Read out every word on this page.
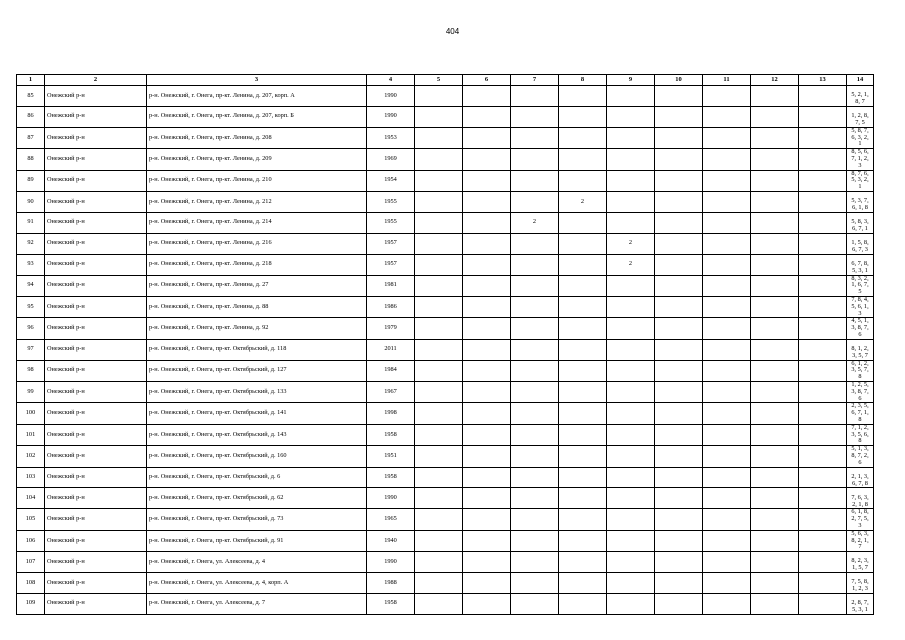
404
1	2	3	4	5	6	7	8	9	10	11	12	13	14
85	Онежский р-н	р-н. Онежский, г. Онега, пр-кт. Ленина, д. 207, корп. А	1990										5, 2, 1, 8, 7
86	Онежский р-н	р-н. Онежский, г. Онега, пр-кт. Ленина, д. 207, корп. Б	1990										1, 2, 8, 7, 5
87	Онежский р-н	р-н. Онежский, г. Онега, пр-кт. Ленина, д. 208	1953										5, 8, 7, 6, 3, 2, 1
88	Онежский р-н	р-н. Онежский, г. Онега, пр-кт. Ленина, д. 209	1969										8, 5, 6, 7, 1, 2, 3
89	Онежский р-н	р-н. Онежский, г. Онега, пр-кт. Ленина, д. 210	1954										8, 7, 6, 5, 3, 2, 1
90	Онежский р-н	р-н. Онежский, г. Онега, пр-кт. Ленина, д. 212	1955				2						5, 3, 7, 6, 1, 8
91	Онежский р-н	р-н. Онежский, г. Онега, пр-кт. Ленина, д. 214	1955			2							5, 8, 3, 6, 7, 1
92	Онежский р-н	р-н. Онежский, г. Онега, пр-кт. Ленина, д. 216	1957					2					1, 5, 8, 6, 7, 3
93	Онежский р-н	р-н. Онежский, г. Онега, пр-кт. Ленина, д. 218	1957					2					6, 7, 8, 5, 3, 1
94	Онежский р-н	р-н. Онежский, г. Онега, пр-кт. Ленина, д. 27	1981										8, 3, 2, 1, 6, 7, 5
95	Онежский р-н	р-н. Онежский, г. Онега, пр-кт. Ленина, д. 88	1986										7, 8, 4, 5, 6, 1, 3
96	Онежский р-н	р-н. Онежский, г. Онега, пр-кт. Ленина, д. 92	1979										4, 5, 1, 3, 8, 7, 6
97	Онежский р-н	р-н. Онежский, г. Онега, пр-кт. Октябрьский, д. 118	2011										8, 1, 2, 3, 5, 7
98	Онежский р-н	р-н. Онежский, г. Онега, пр-кт. Октябрьский, д. 127	1984										6, 1, 2, 3, 5, 7, 8
99	Онежский р-н	р-н. Онежский, г. Онега, пр-кт. Октябрьский, д. 133	1967										1, 2, 5, 3, 8, 7, 6
100	Онежский р-н	р-н. Онежский, г. Онега, пр-кт. Октябрьский, д. 141	1998										2, 3, 5, 6, 7, 1, 8
101	Онежский р-н	р-н. Онежский, г. Онега, пр-кт. Октябрьский, д. 143	1958										7, 1, 2, 3, 5, 6, 8
102	Онежский р-н	р-н. Онежский, г. Онега, пр-кт. Октябрьский, д. 160	1951										5, 1, 3, 8, 7, 2, 6
103	Онежский р-н	р-н. Онежский, г. Онега, пр-кт. Октябрьский, д. 6	1958										2, 1, 3, 6, 7, 8
104	Онежский р-н	р-н. Онежский, г. Онега, пр-кт. Октябрьский, д. 62	1990										7, 6, 3, 2, 1, 8
105	Онежский р-н	р-н. Онежский, г. Онега, пр-кт. Октябрьский, д. 73	1965										6, 1, 8, 2, 7, 5, 3
106	Онежский р-н	р-н. Онежский, г. Онега, пр-кт. Октябрьский, д. 91	1940										5, 6, 3, 8, 2, 1, 7
107	Онежский р-н	р-н. Онежский, г. Онега, ул. Алексеева, д. 4	1990										8, 2, 3, 1, 5, 7
108	Онежский р-н	р-н. Онежский, г. Онега, ул. Алексеева, д. 4, корп. А	1988										7, 5, 8, 1, 2, 3
109	Онежский р-н	р-н. Онежский, г. Онега, ул. Алексеева, д. 7	1958										2, 8, 7, 5, 3, 1
